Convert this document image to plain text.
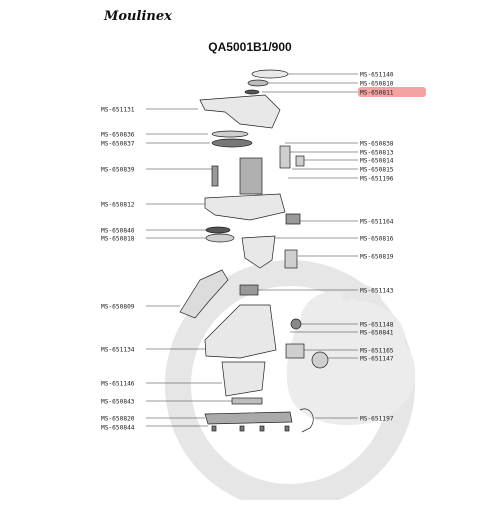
MS-651131
MS-650836
MS-650837
MS-650839
MS-650812
MS-650840
MS-650818
MS-650809
MS-651134
MS-651146
MS-650843
MS-650820
MS-650844
MS-651140
MS-650810
MS-650811
MS-650838
MS-650813
MS-650814
MS-650815
MS-651196
MS-651164
MS-650816
MS-650819
MS-651143
MS-651148
MS-650841
MS-651165
MS-651147
MS-651197
Moulinex
QA5001B1/900
